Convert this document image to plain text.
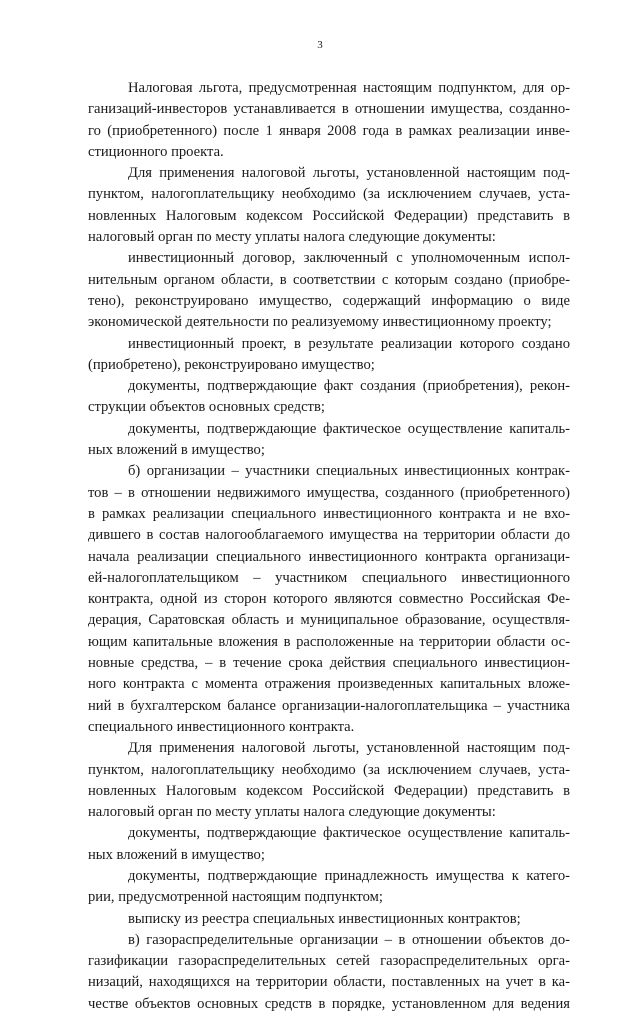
3
Налоговая льгота, предусмотренная настоящим подпунктом, для ор-
ганизаций-инвесторов устанавливается в отношении имущества, созданно-
го (приобретенного) после 1 января 2008 года в рамках реализации инве-
стиционного проекта.
Для применения налоговой льготы, установленной настоящим под-
пунктом, налогоплательщику необходимо (за исключением случаев, уста-
новленных Налоговым кодексом Российской Федерации) представить в
налоговый орган по месту уплаты налога следующие документы:
инвестиционный договор, заключенный с уполномоченным испол-
нительным органом области, в соответствии с которым создано (приобре-
тено), реконструировано имущество, содержащий информацию о виде
экономической деятельности по реализуемому инвестиционному проекту;
инвестиционный проект, в результате реализации которого создано
(приобретено), реконструировано имущество;
документы, подтверждающие факт создания (приобретения), рекон-
струкции объектов основных средств;
документы, подтверждающие фактическое осуществление капиталь-
ных вложений в имущество;
б) организации – участники специальных инвестиционных контрак-
тов – в отношении недвижимого имущества, созданного (приобретенного)
в рамках реализации специального инвестиционного контракта и не вхо-
дившего в состав налогооблагаемого имущества на территории области до
начала реализации специального инвестиционного контракта организаци-
ей-налогоплательщиком – участником специального инвестиционного
контракта, одной из сторон которого являются совместно Российская Фе-
дерация, Саратовская область и муниципальное образование, осуществля-
ющим капитальные вложения в расположенные на территории области ос-
новные средства, – в течение срока действия специального инвестицион-
ного контракта с момента отражения произведенных капитальных вложе-
ний в бухгалтерском балансе организации-налогоплательщика – участника
специального инвестиционного контракта.
Для применения налоговой льготы, установленной настоящим под-
пунктом, налогоплательщику необходимо (за исключением случаев, уста-
новленных Налоговым кодексом Российской Федерации) представить в
налоговый орган по месту уплаты налога следующие документы:
документы, подтверждающие фактическое осуществление капиталь-
ных вложений в имущество;
документы, подтверждающие принадлежность имущества к катего-
рии, предусмотренной настоящим подпунктом;
выписку из реестра специальных инвестиционных контрактов;
в) газораспределительные организации – в отношении объектов до-
газификации газораспределительных сетей газораспределительных орга-
низаций, находящихся на территории области, поставленных на учет в ка-
честве объектов основных средств в порядке, установленном для ведения
